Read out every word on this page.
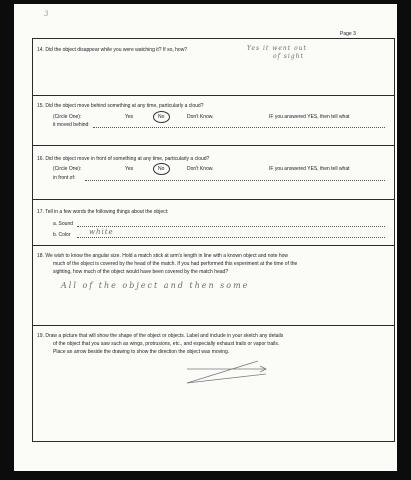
3
Page 3
14. Did the object disappear while you were watching it? If so, how?	Yes it went out
of sight
15. Did the object move behind something at any time, particularly a cloud?
(Circle One):	Yes	No	Don't Know.	IF you answered YES, then tell what
it moved behind:
16. Did the object move in front of something at any time, particularly a cloud?
(Circle One):	Yes	No	Don't Know.	IF you answered YES, then tell what
in front of:
17. Tell in a few words the following things about the object:
a. Sound
b. Color	white
18. We wish to know the angular size. Hold a match stick at arm's length in line with a known object and note how
much of the object is covered by the head of the match. If you had performed this experiment at the time of the
sighting, how much of the object would have been covered by the match head?
All of the object and then some
19. Draw a picture that will show the shape of the object or objects. Label and include in your sketch any details
of the object that you saw such as wings, protrusions, etc., and especially exhaust trails or vapor trails.
Place an arrow beside the drawing to show the direction the object was moving.
